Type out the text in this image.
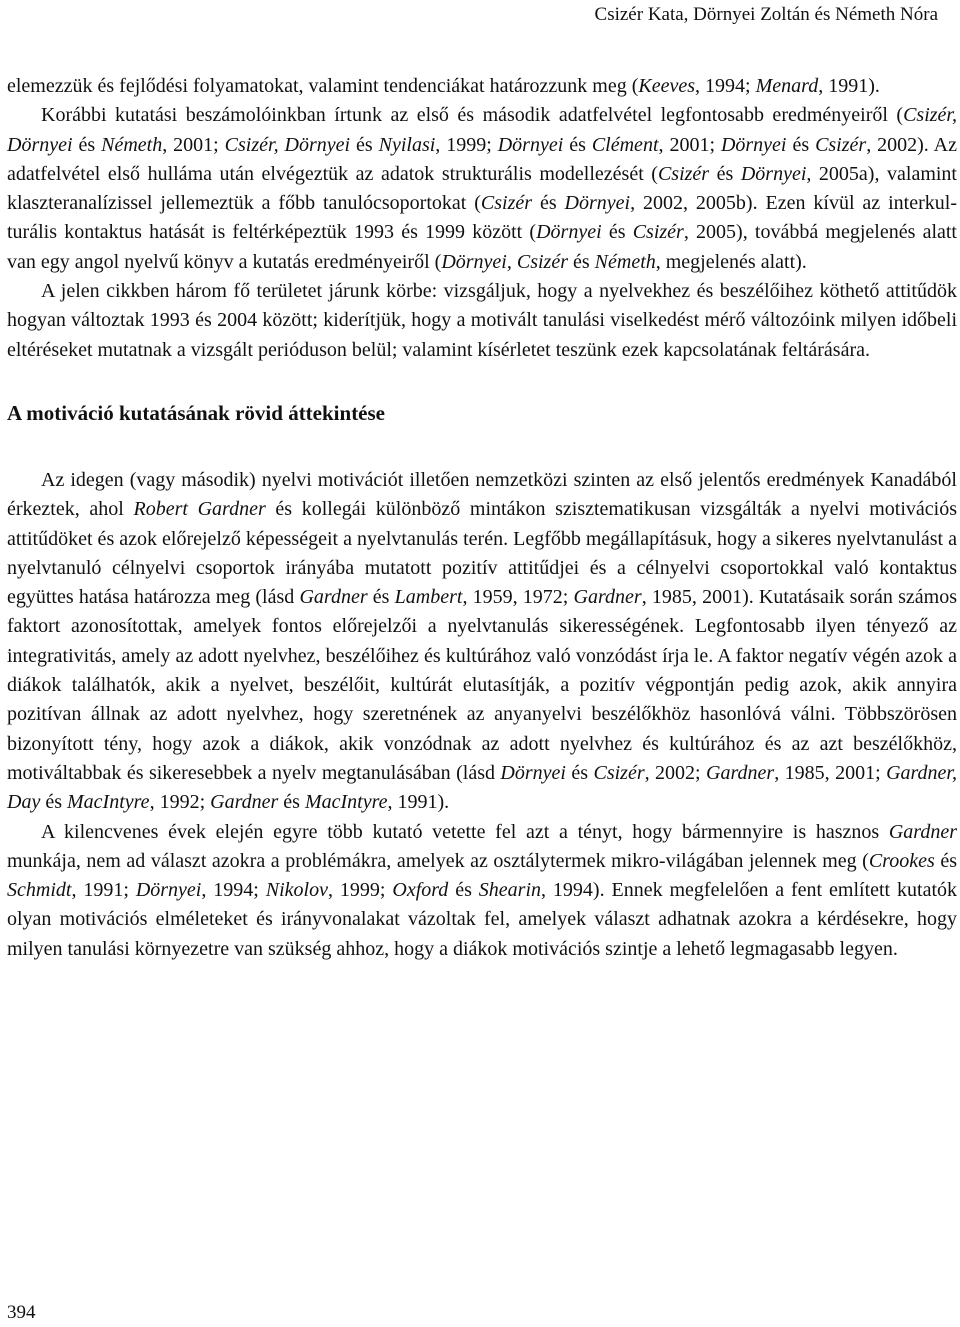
Csizér Kata, Dörnyei Zoltán és Németh Nóra

elemezzük és fejlődési folyamatokat, valamint tendenciákat határozzunk meg (Keeves, 1994; Menard, 1991).

Korábbi kutatási beszámolóinkban írtunk az első és második adatfelvétel legfontosabb eredményeiről (Csizér, Dörnyei és Németh, 2001; Csizér, Dörnyei és Nyilasi, 1999; Dörnyei és Clément, 2001; Dörnyei és Csizér, 2002). Az adatfelvétel első hulláma után elvégeztük az adatok strukturális modellezését (Csizér és Dörnyei, 2005a), valamint klaszteranalízissel jellemeztük a főbb tanulócsoportokat (Csizér és Dörnyei, 2002, 2005b). Ezen kívül az interkulturális kontaktus hatását is feltérképeztük 1993 és 1999 között (Dörnyei és Csizér, 2005), továbbá megjelenés alatt van egy angol nyelvű könyv a kutatás eredményeiről (Dörnyei, Csizér és Németh, megjelenés alatt).

A jelen cikkben három fő területet járunk körbe: vizsgáljuk, hogy a nyelvekhez és beszélőihez köthető attitűdök hogyan változtak 1993 és 2004 között; kiderítjük, hogy a motivált tanulási viselkedést mérő változóink milyen időbeli eltéréseket mutatnak a vizsgált perióduson belül; valamint kísérletet teszünk ezek kapcsolatának feltárására.

A motiváció kutatásának rövid áttekintése

Az idegen (vagy második) nyelvi motivációt illetően nemzetközi szinten az első jelentős eredmények Kanadából érkeztek, ahol Robert Gardner és kollegái különböző mintákon szisztematikusan vizsgálták a nyelvi motivációs attitűdöket és azok előrejelző képességeit a nyelvtanulás terén. Legfőbb megállapításuk, hogy a sikeres nyelvtanulást a nyelvtanuló célnyelvi csoportok irányába mutatott pozitív attitűdjei és a célnyelvi csoportokkal való kontaktus együttes hatása határozza meg (lásd Gardner és Lambert, 1959, 1972; Gardner, 1985, 2001). Kutatásaik során számos faktort azonosítottak, amelyek fontos előrejelzői a nyelvtanulás sikerességének. Legfontosabb ilyen tényező az integrativitás, amely az adott nyelvhez, beszélőihez és kultúrához való vonzódást írja le. A faktor negatív végén azok a diákok találhatók, akik a nyelvet, beszélőit, kultúrát elutasítják, a pozitív végpontján pedig azok, akik annyira pozitívan állnak az adott nyelvhez, hogy szeretnének az anyanyelvi beszélőkhöz hasonlóvá válni. Többszörösen bizonyított tény, hogy azok a diákok, akik vonzódnak az adott nyelvhez és kultúrához és az azt beszélőkhöz, motiváltabbak és sikeresebbek a nyelv megtanulásában (lásd Dörnyei és Csizér, 2002; Gardner, 1985, 2001; Gardner, Day és MacIntyre, 1992; Gardner és MacIntyre, 1991).

A kilencvenes évek elején egyre több kutató vetette fel azt a tényt, hogy bármennyire is hasznos Gardner munkája, nem ad választ azokra a problémákra, amelyek az osztálytermek mikro-világában jelennek meg (Crookes és Schmidt, 1991; Dörnyei, 1994; Nikolov, 1999; Oxford és Shearin, 1994). Ennek megfelelően a fent említett kutatók olyan motivációs elméleteket és irányvonalakat vázoltak fel, amelyek választ adhatnak azokra a kérdésekre, hogy milyen tanulási környezetre van szükség ahhoz, hogy a diákok motivációs szintje a lehető legmagasabb legyen.

394
